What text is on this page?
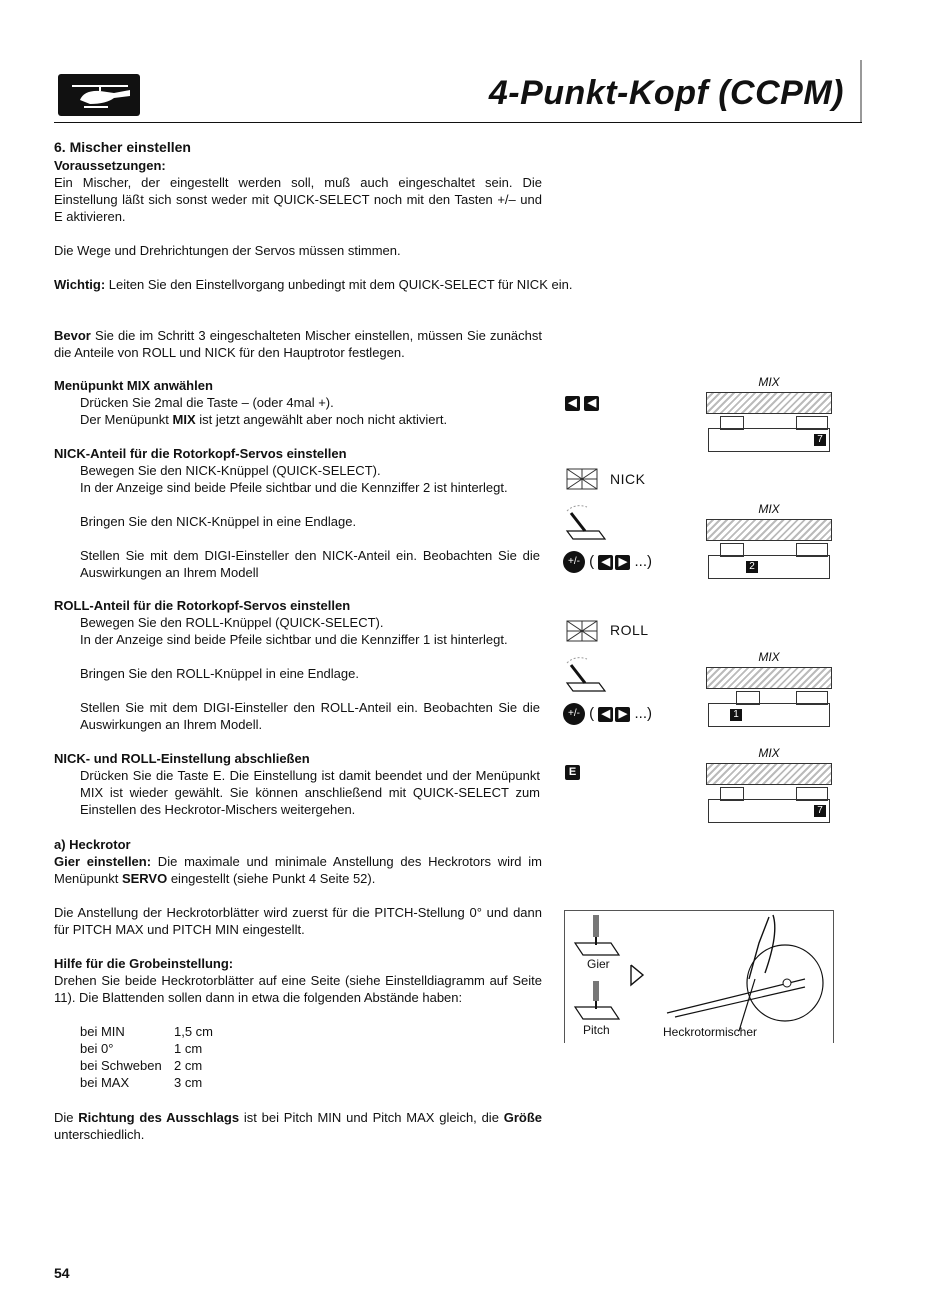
4-Punkt-Kopf (CCPM)
6. Mischer einstellen
Voraussetzungen:
Ein Mischer, der eingestellt werden soll, muß auch eingeschaltet sein. Die Einstellung läßt sich sonst weder mit QUICK-SELECT noch mit den Tasten +/– und E aktivieren.
Die Wege und Drehrichtungen der Servos müssen stimmen.
Wichtig: Leiten Sie den Einstellvorgang unbedingt mit dem QUICK-SELECT für NICK ein.
Bevor Sie die im Schritt 3 eingeschalteten Mischer einstellen, müssen Sie zunächst die Anteile von ROLL und NICK für den Hauptrotor festlegen.
Menüpunkt MIX anwählen
Drücken Sie 2mal die Taste – (oder 4mal +).
Der Menüpunkt MIX ist jetzt angewählt aber noch nicht aktiviert.
NICK-Anteil für die Rotorkopf-Servos einstellen
Bewegen Sie den NICK-Knüppel (QUICK-SELECT).
In der Anzeige sind beide Pfeile sichtbar und die Kennziffer 2 ist hinterlegt.
Bringen Sie den NICK-Knüppel in eine Endlage.
Stellen Sie mit dem DIGI-Einsteller den NICK-Anteil ein. Beobachten Sie die Auswirkungen an Ihrem Modell
ROLL-Anteil für die Rotorkopf-Servos einstellen
Bewegen Sie den ROLL-Knüppel (QUICK-SELECT).
In der Anzeige sind beide Pfeile sichtbar und die Kennziffer 1 ist hinterlegt.
Bringen Sie den ROLL-Knüppel in eine Endlage.
Stellen Sie mit dem DIGI-Einsteller den ROLL-Anteil ein. Beobachten Sie die Auswirkungen an Ihrem Modell.
NICK- und ROLL-Einstellung abschließen
Drücken Sie die Taste E. Die Einstellung ist damit beendet und der Menüpunkt MIX ist wieder gewählt. Sie können anschließend mit QUICK-SELECT zum Einstellen des Heckrotor-Mischers weitergehen.
a) Heckrotor
Gier einstellen: Die maximale und minimale Anstellung des Heckrotors wird im Menüpunkt SERVO eingestellt (siehe Punkt 4 Seite 52).
Die Anstellung der Heckrotorblätter wird zuerst für die PITCH-Stellung 0° und dann für PITCH MAX und PITCH MIN eingestellt.
Hilfe für die Grobeinstellung:
Drehen Sie beide Heckrotorblätter auf eine Seite (siehe Einstelldiagramm auf Seite 11). Die Blattenden sollen dann in etwa die folgenden Abstände haben:
bei MIN	1,5 cm
bei 0°	1 cm
bei Schweben 2 cm
bei MAX	3 cm
Die Richtung des Ausschlags ist bei Pitch MIN und Pitch MAX gleich, die Größe unterschiedlich.
54
◀ ◀
NICK
+/- ( ◀ ▶ ...)
ROLL
+/- ( ◀ ▶ ...)
E
MIX
7
MIX
2
MIX
1
MIX
7
Gier
Pitch	Heckrotormischer
